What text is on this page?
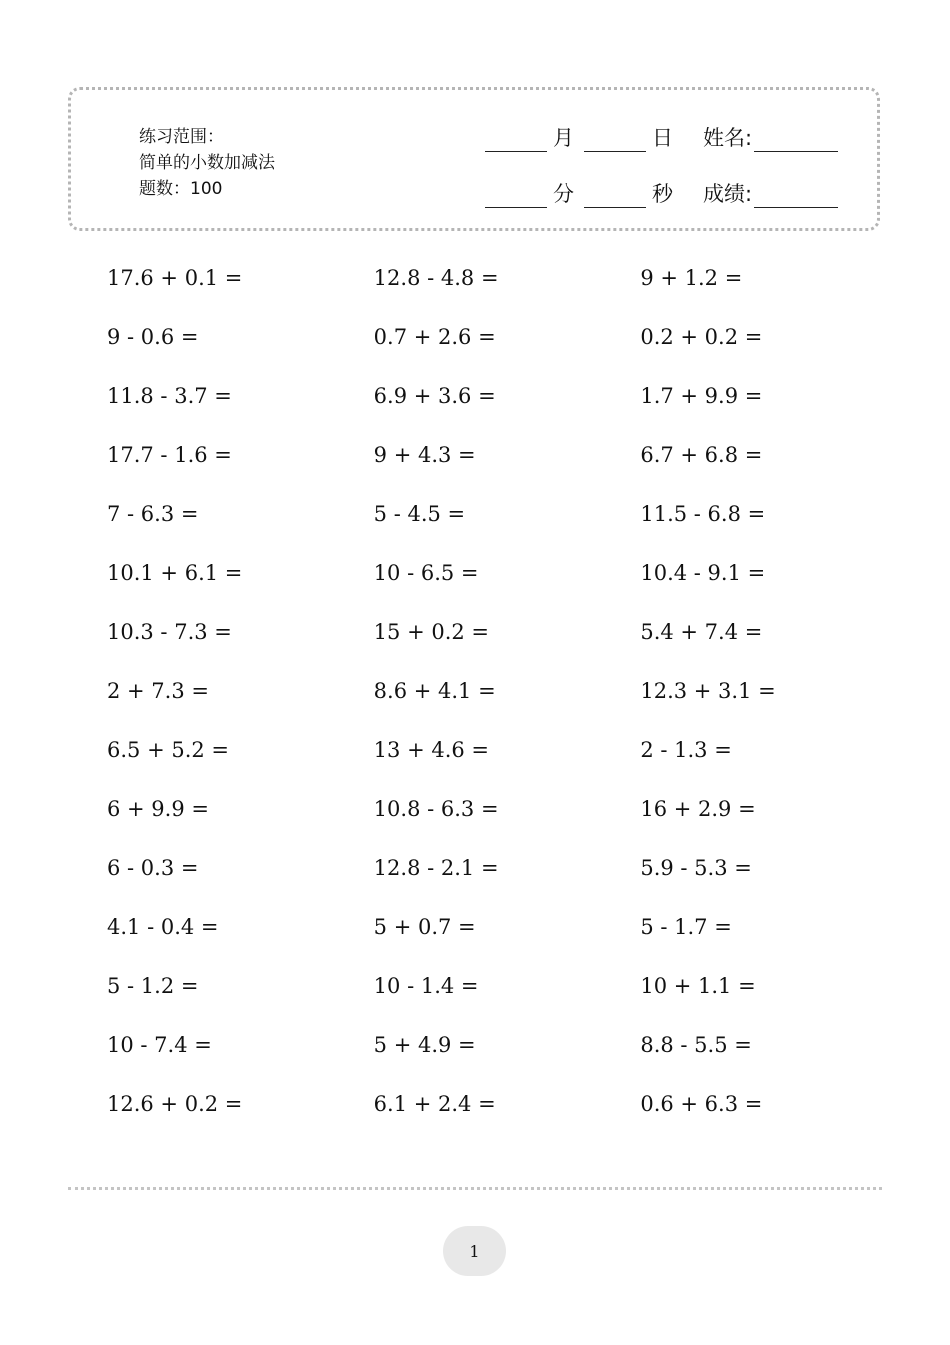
练习范围：
简单的小数加减法
题数：100
月	日 姓名:
分	秒 成绩:
17.6 + 0.1 =	12.8 - 4.8 =	9 + 1.2 =
9 - 0.6 =	0.7 + 2.6 =	0.2 + 0.2 =
11.8 - 3.7 =	6.9 + 3.6 =	1.7 + 9.9 =
17.7 - 1.6 =	9 + 4.3 =	6.7 + 6.8 =
7 - 6.3 =	5 - 4.5 =	11.5 - 6.8 =
10.1 + 6.1 =	10 - 6.5 =	10.4 - 9.1 =
10.3 - 7.3 =	15 + 0.2 =	5.4 + 7.4 =
2 + 7.3 =	8.6 + 4.1 =	12.3 + 3.1 =
6.5 + 5.2 =	13 + 4.6 =	2 - 1.3 =
6 + 9.9 =	10.8 - 6.3 =	16 + 2.9 =
6 - 0.3 =	12.8 - 2.1 =	5.9 - 5.3 =
4.1 - 0.4 =	5 + 0.7 =	5 - 1.7 =
5 - 1.2 =	10 - 1.4 =	10 + 1.1 =
10 - 7.4 =	5 + 4.9 =	8.8 - 5.5 =
12.6 + 0.2 =	6.1 + 2.4 =	0.6 + 6.3 =
1
